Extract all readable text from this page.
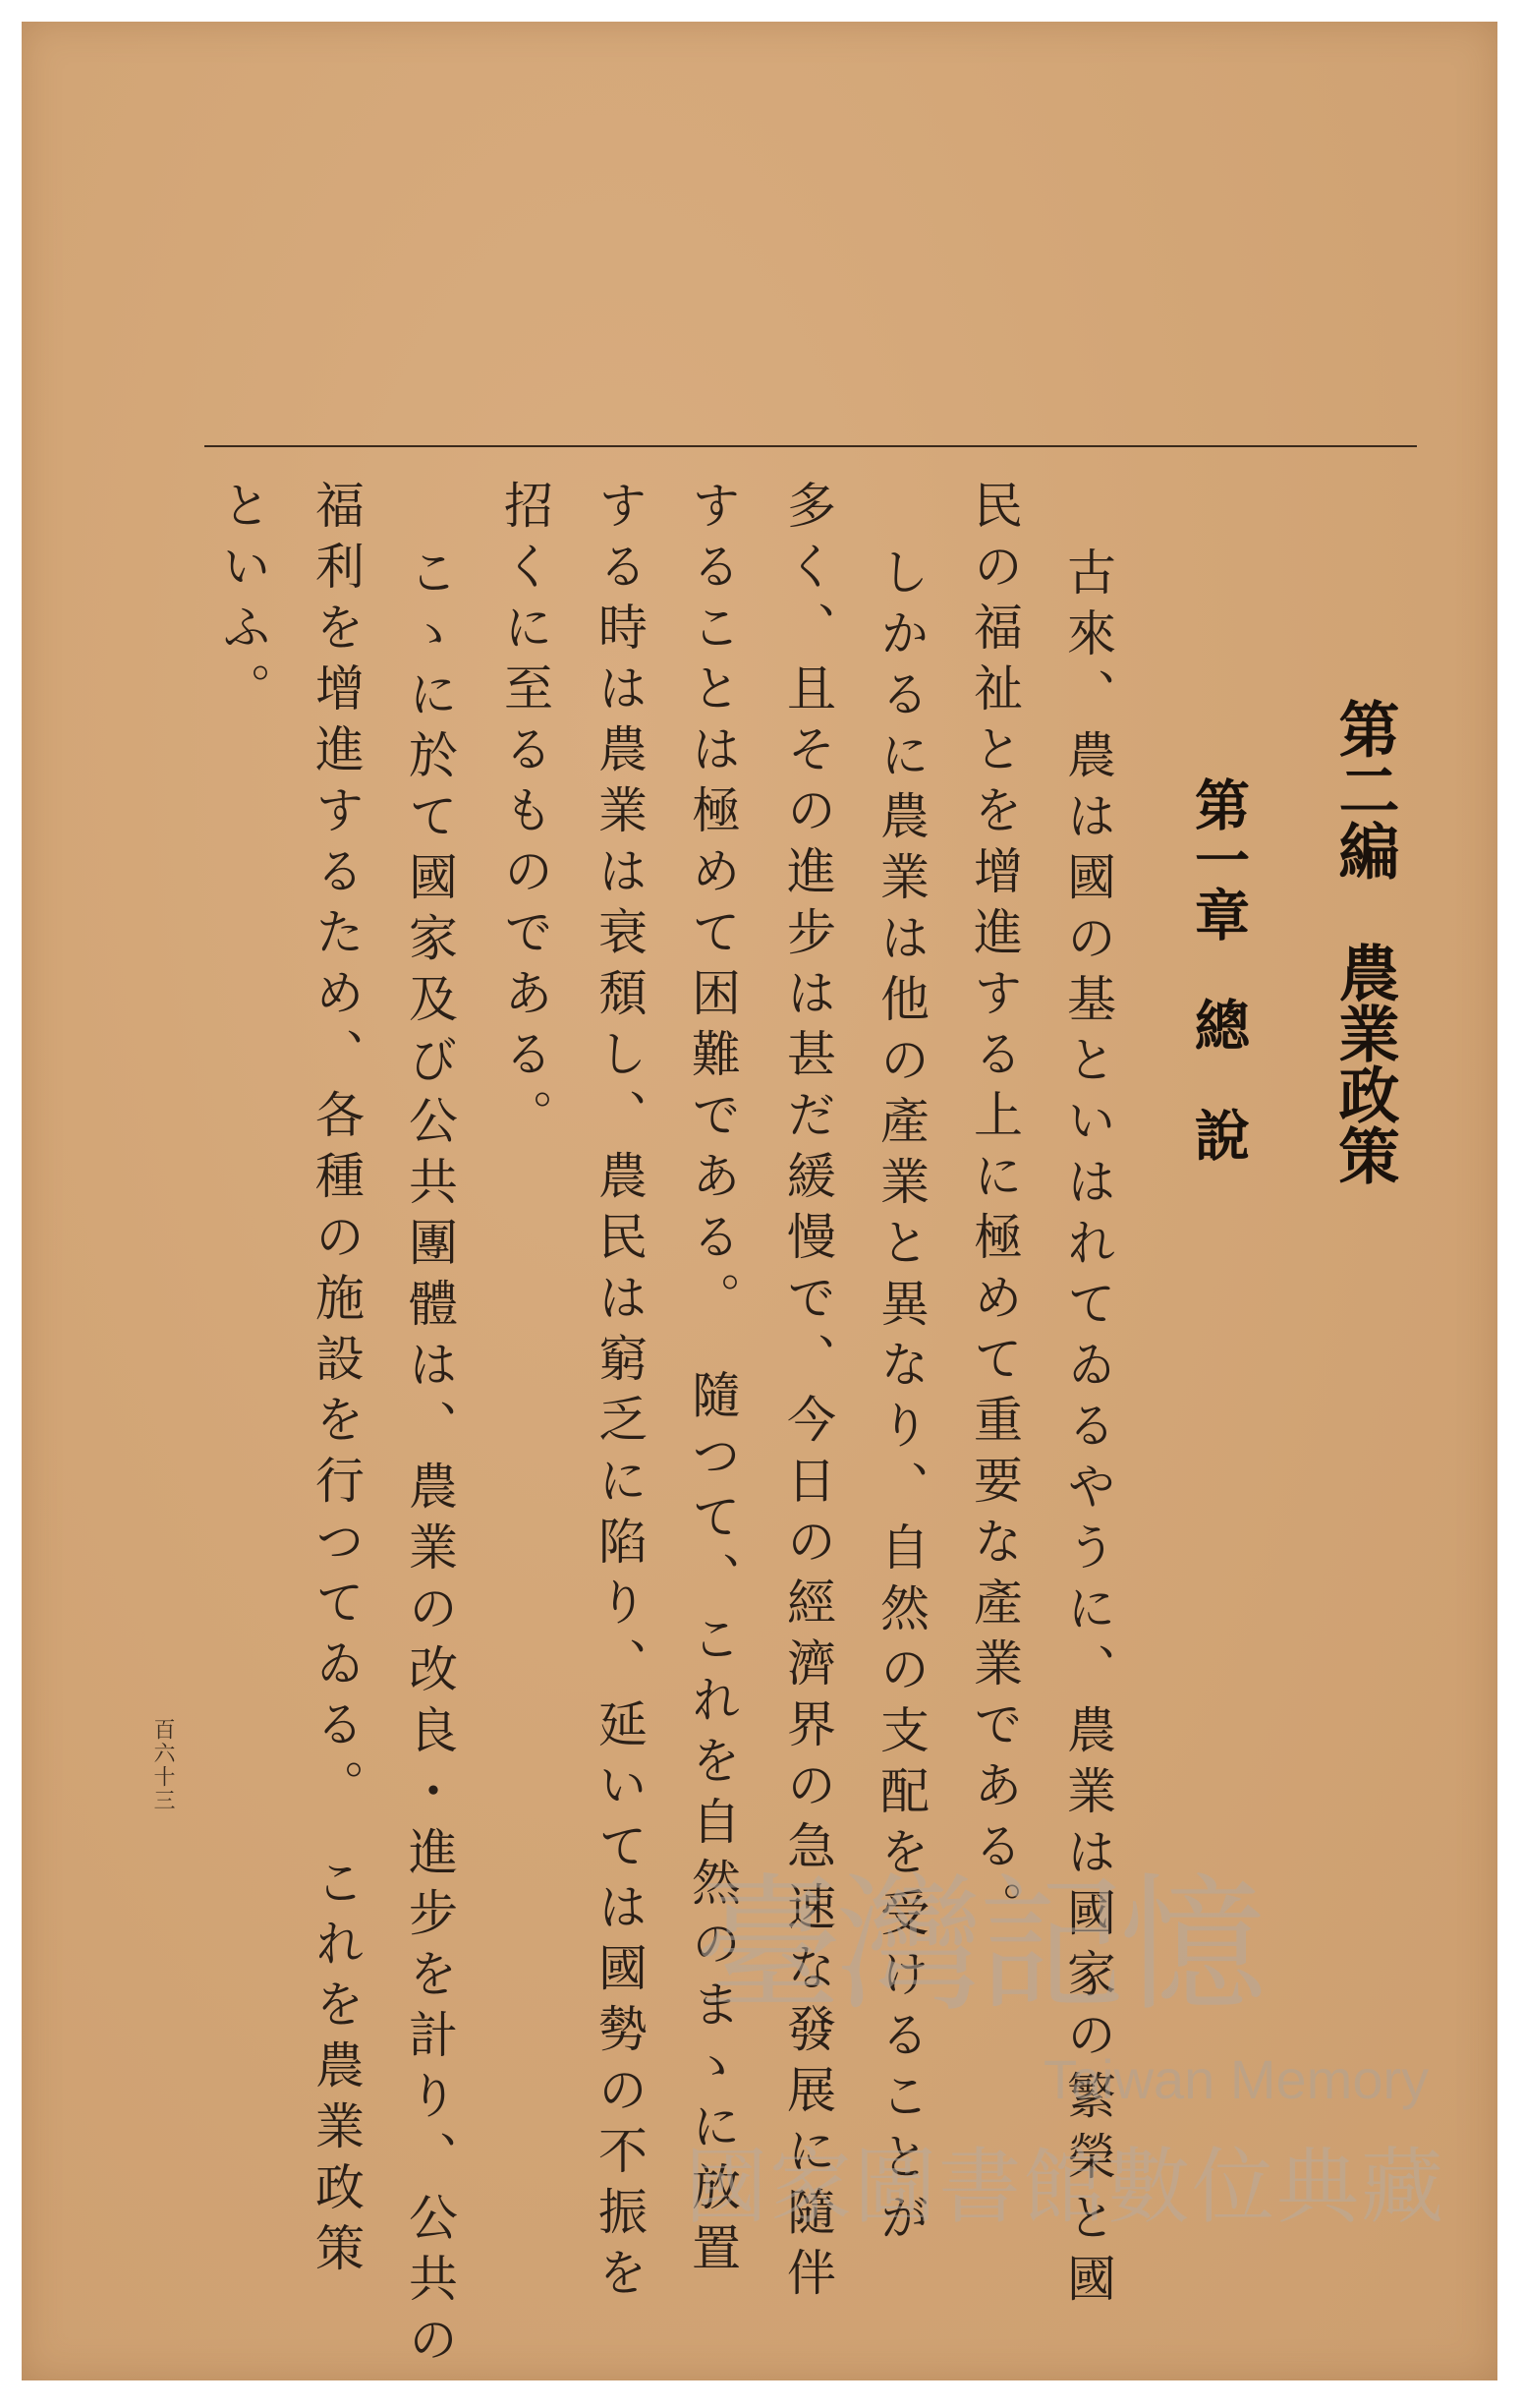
第二編　農業政策
第一章　總　說
古來、農は國の基といはれてゐるやうに、農業は國家の繁榮と國
民の福祉とを增進する上に極めて重要な產業である。
しかるに農業は他の產業と異なり、自然の支配を受けることが
多く、且その進步は甚だ緩慢で、今日の經濟界の急速な發展に隨伴
することは極めて困難である。　隨つて、これを自然のまゝに放置
する時は農業は衰頹し、農民は窮乏に陷り、延いては國勢の不振を
招くに至るものである。
こゝに於て國家及び公共團體は、農業の改良・進步を計り、公共の
福利を增進するため、各種の施設を行つてゐる。　これを農業政策
といふ。
百六十三
臺灣記憶
Taiwan Memory
國家圖書館數位典藏
